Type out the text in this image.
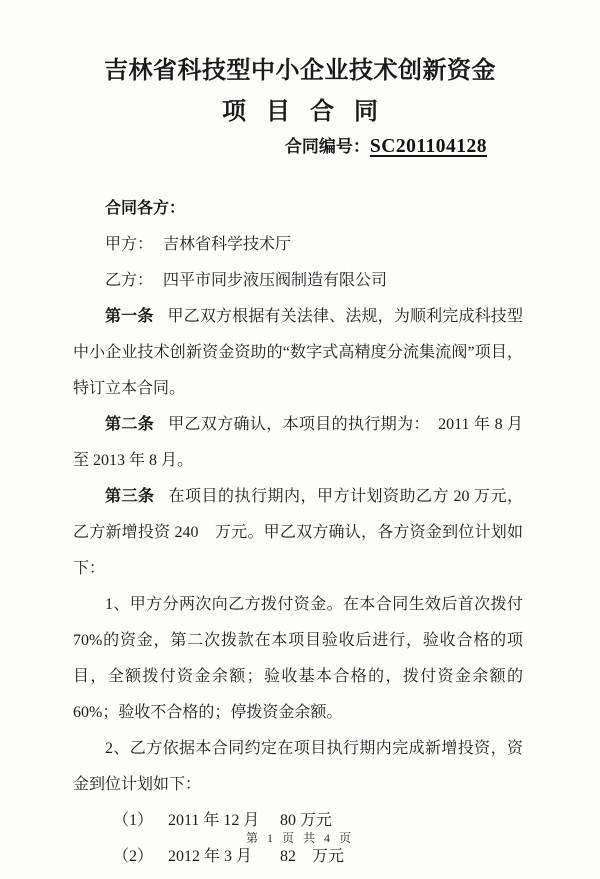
吉林省科技型中小企业技术创新资金
项目合同
合同编号：SC201104128

合同各方：

甲方： 吉林省科学技术厅

乙方： 四平市同步液压阀制造有限公司

第一条 甲乙双方根据有关法律、法规，为顺利完成科技型中小企业技术创新资金资助的“数字式高精度分流集流阀”项目，特订立本合同。

第二条 甲乙双方确认，本项目的执行期为：　2011 年 8 月　至 2013 年 8 月。

第三条 在项目的执行期内，甲方计划资助乙方 20 万元，乙方新增投资 240　万元。甲乙双方确认，各方资金到位计划如下：

1、甲方分两次向乙方拨付资金。在本合同生效后首次拨付 70%的资金，第二次拨款在本项目验收后进行，验收合格的项目，全额拨付资金余额；验收基本合格的，拨付资金余额的 60%；验收不合格的；停拨资金余额。

2、乙方依据本合同约定在项目执行期内完成新增投资，资金到位计划如下：

（1） 2011 年 12 月	80 万元
（2） 2012 年 3 月	82　万元
第 1 页 共 4 页
